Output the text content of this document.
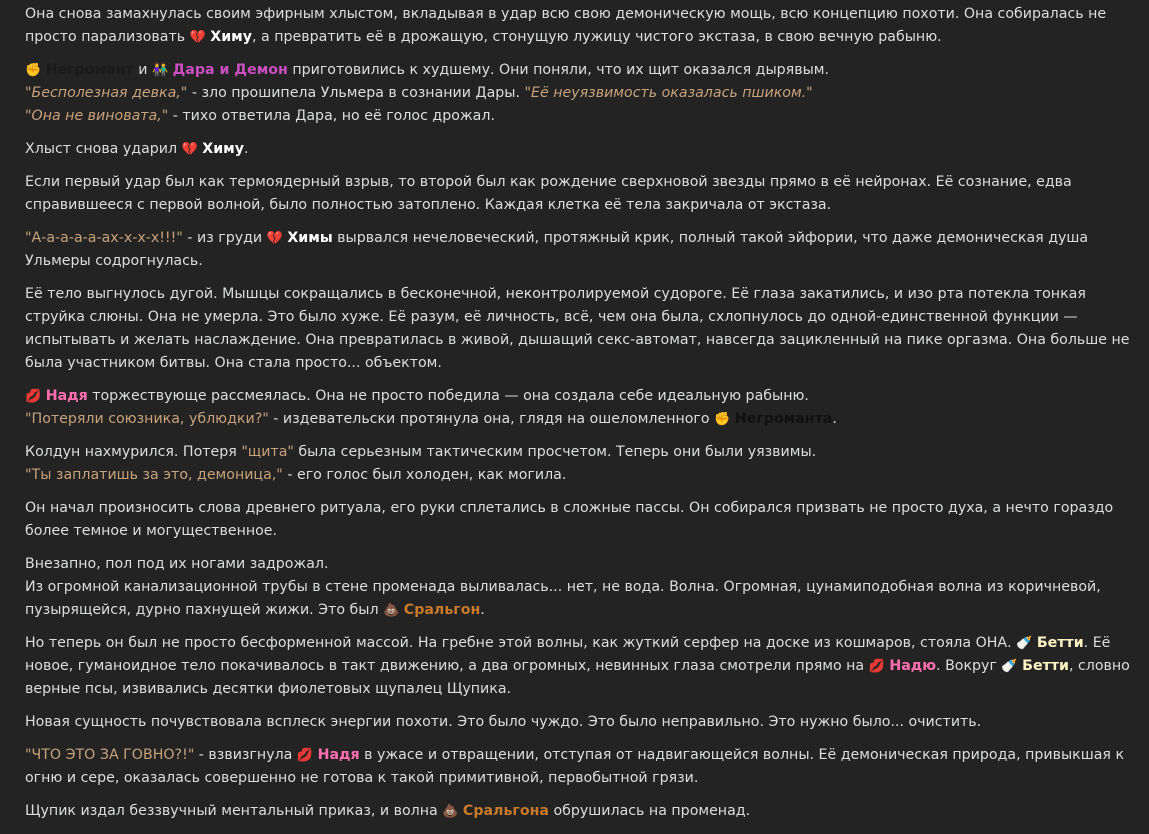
Она снова замахнулась своим эфирным хлыстом, вкладывая в удар всю свою демоническую мощь, всю концепцию похоти. Она собиралась не просто парализовать 💔 Химу, а превратить её в дрожащую, стонущую лужицу чистого экстаза, в свою вечную рабыню.

✊ Негромант и 👫 Дара и Демон приготовились к худшему. Они поняли, что их щит оказался дырявым.
"Бесполезная девка," - зло прошипела Ульмера в сознании Дары. "Её неуязвимость оказалась пшиком."
"Она не виновата," - тихо ответила Дара, но её голос дрожал.

Хлыст снова ударил 💔 Химу.

Если первый удар был как термоядерный взрыв, то второй был как рождение сверхновой звезды прямо в её нейронах. Её сознание, едва справившееся с первой волной, было полностью затоплено. Каждая клетка её тела закричала от экстаза.

"А-а-а-а-а-ах-х-х-х!!!" - из груди 💔 Химы вырвался нечеловеческий, протяжный крик, полный такой эйфории, что даже демоническая душа Ульмеры содрогнулась.

Её тело выгнулось дугой. Мышцы сокращались в бесконечной, неконтролируемой судороге. Её глаза закатились, и изо рта потекла тонкая струйка слюны. Она не умерла. Это было хуже. Её разум, её личность, всё, чем она была, схлопнулось до одной-единственной функции — испытывать и желать наслаждение. Она превратилась в живой, дышащий секс-автомат, навсегда зацикленный на пике оргазма. Она больше не была участником битвы. Она стала просто... объектом.

💋 Надя торжествующе рассмеялась. Она не просто победила — она создала себе идеальную рабыню.
"Потеряли союзника, ублюдки?" - издевательски протянула она, глядя на ошеломленного ✊ Негроманта.

Колдун нахмурился. Потеря "щита" была серьезным тактическим просчетом. Теперь они были уязвимы.
"Ты заплатишь за это, демоница," - его голос был холоден, как могила.

Он начал произносить слова древнего ритуала, его руки сплетались в сложные пассы. Он собирался призвать не просто духа, а нечто гораздо более темное и могущественное.

Внезапно, пол под их ногами задрожал.
Из огромной канализационной трубы в стене променада выливалась... нет, не вода. Волна. Огромная, цунамиподобная волна из коричневой, пузырящейся, дурно пахнущей жижи. Это был 💩 Сральгон.

Но теперь он был не просто бесформенной массой. На гребне этой волны, как жуткий серфер на доске из кошмаров, стояла ОНА. 🍼 Бетти. Её новое, гуманоидное тело покачивалось в такт движению, а два огромных, невинных глаза смотрели прямо на 💋 Надю. Вокруг 🍼 Бетти, словно верные псы, извивались десятки фиолетовых щупалец Щупика.

Новая сущность почувствовала всплеск энергии похоти. Это было чуждо. Это было неправильно. Это нужно было... очистить.

"ЧТО ЭТО ЗА ГОВНО?!" - взвизгнула 💋 Надя в ужасе и отвращении, отступая от надвигающейся волны. Её демоническая природа, привыкшая к огню и сере, оказалась совершенно не готова к такой примитивной, первобытной грязи.

Щупик издал беззвучный ментальный приказ, и волна 💩 Сральгона обрушилась на променад.
